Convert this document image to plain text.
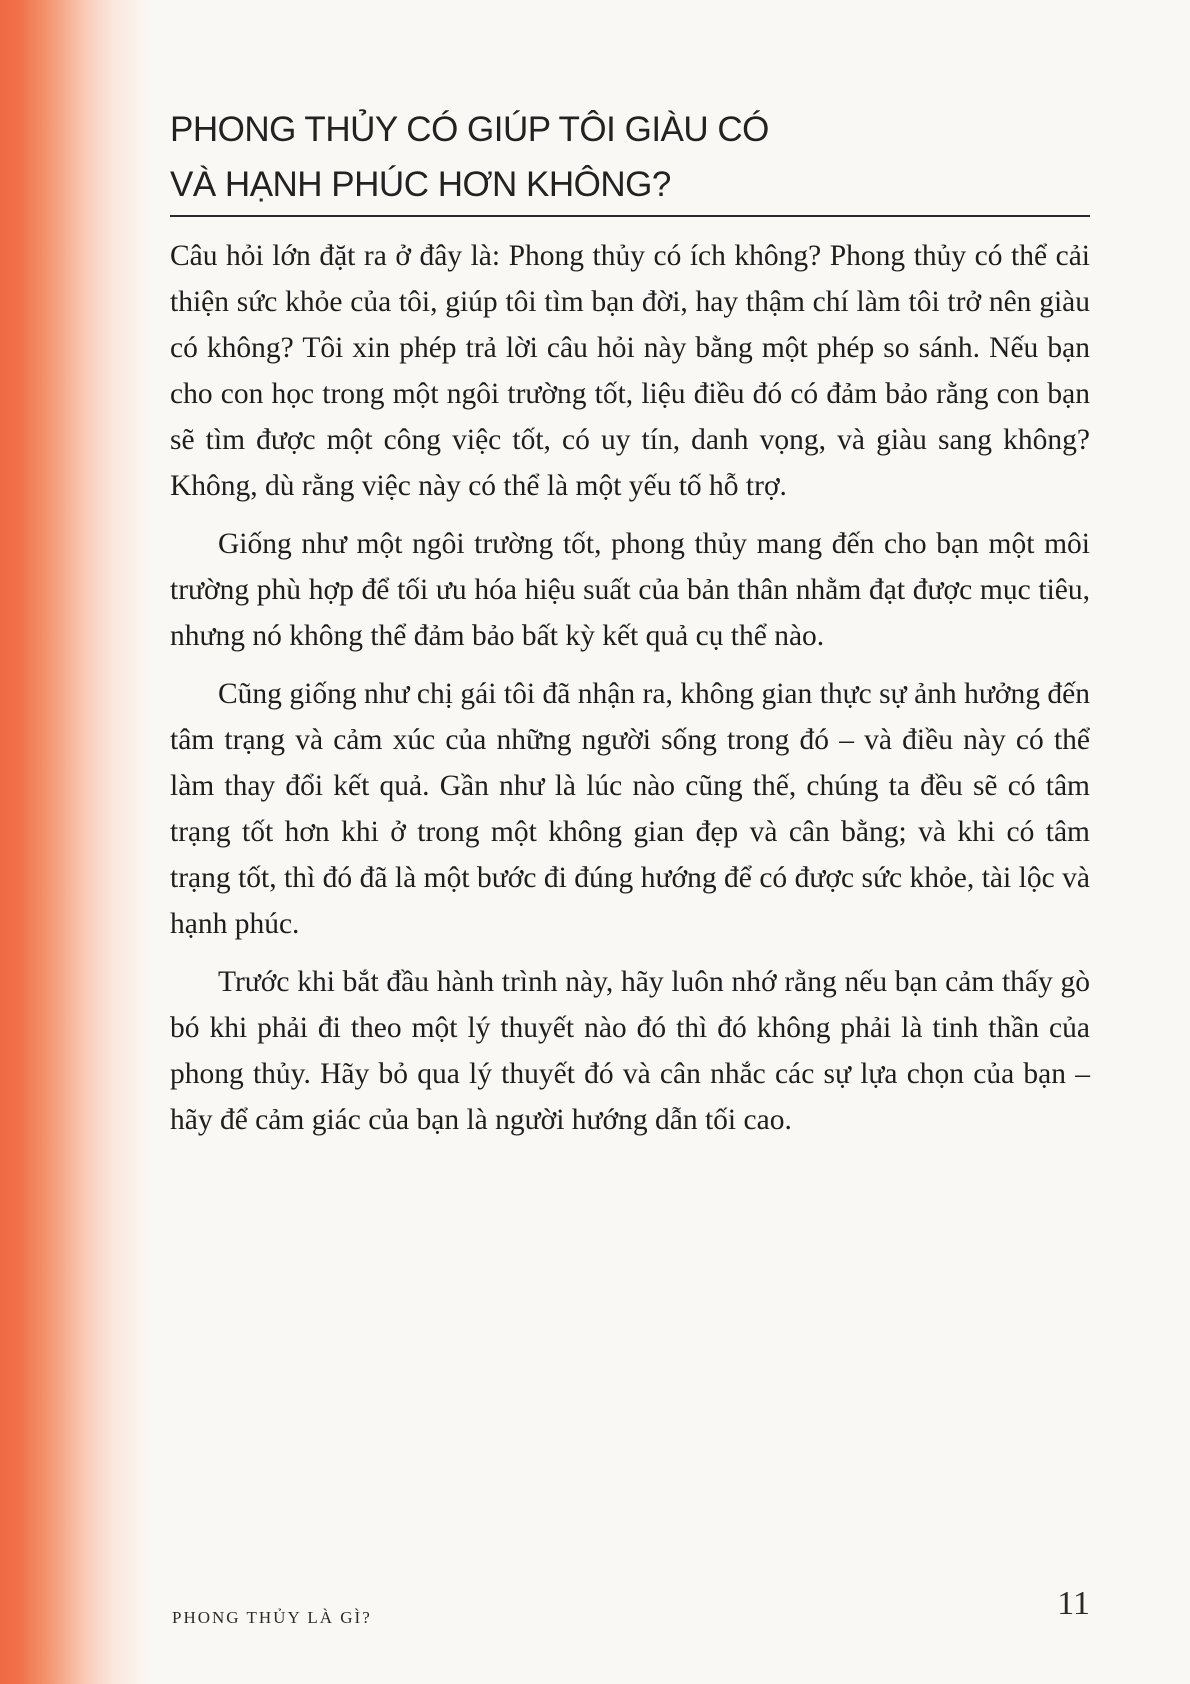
PHONG THỦY CÓ GIÚP TÔI GIÀU CÓ
VÀ HẠNH PHÚC HƠN KHÔNG?

Câu hỏi lớn đặt ra ở đây là: Phong thủy có ích không? Phong thủy có thể cải thiện sức khỏe của tôi, giúp tôi tìm bạn đời, hay thậm chí làm tôi trở nên giàu có không? Tôi xin phép trả lời câu hỏi này bằng một phép so sánh. Nếu bạn cho con học trong một ngôi trường tốt, liệu điều đó có đảm bảo rằng con bạn sẽ tìm được một công việc tốt, có uy tín, danh vọng, và giàu sang không? Không, dù rằng việc này có thể là một yếu tố hỗ trợ.

Giống như một ngôi trường tốt, phong thủy mang đến cho bạn một môi trường phù hợp để tối ưu hóa hiệu suất của bản thân nhằm đạt được mục tiêu, nhưng nó không thể đảm bảo bất kỳ kết quả cụ thể nào.

Cũng giống như chị gái tôi đã nhận ra, không gian thực sự ảnh hưởng đến tâm trạng và cảm xúc của những người sống trong đó – và điều này có thể làm thay đổi kết quả. Gần như là lúc nào cũng thế, chúng ta đều sẽ có tâm trạng tốt hơn khi ở trong một không gian đẹp và cân bằng; và khi có tâm trạng tốt, thì đó đã là một bước đi đúng hướng để có được sức khỏe, tài lộc và hạnh phúc.

Trước khi bắt đầu hành trình này, hãy luôn nhớ rằng nếu bạn cảm thấy gò bó khi phải đi theo một lý thuyết nào đó thì đó không phải là tinh thần của phong thủy. Hãy bỏ qua lý thuyết đó và cân nhắc các sự lựa chọn của bạn – hãy để cảm giác của bạn là người hướng dẫn tối cao.

PHONG THỦY LÀ GÌ?	11
